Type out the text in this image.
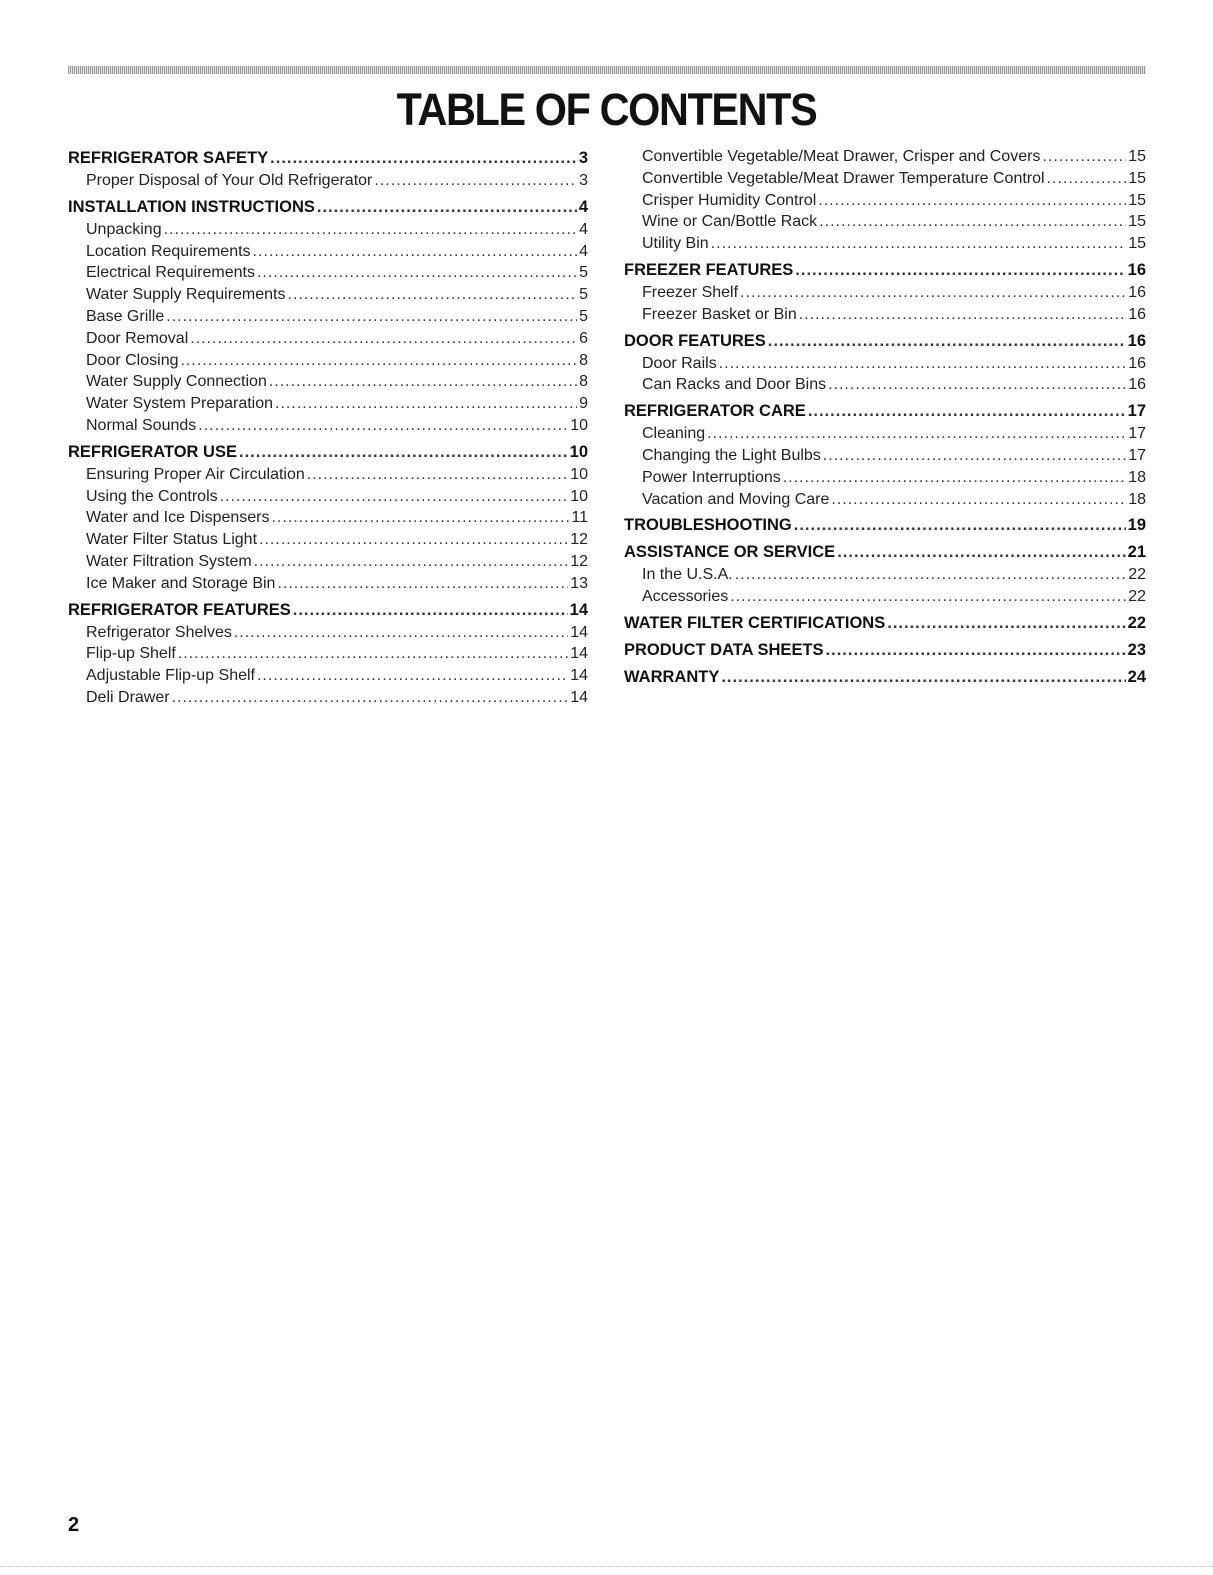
TABLE OF CONTENTS
REFRIGERATOR SAFETY .....	3
Proper Disposal of Your Old Refrigerator .....	3
INSTALLATION INSTRUCTIONS .....	4
Unpacking .....	4
Location Requirements .....	4
Electrical Requirements .....	5
Water Supply Requirements .....	5
Base Grille .....	5
Door Removal .....	6
Door Closing .....	8
Water Supply Connection .....	8
Water System Preparation .....	9
Normal Sounds .....	10
REFRIGERATOR USE .....	10
Ensuring Proper Air Circulation .....	10
Using the Controls .....	10
Water and Ice Dispensers .....	11
Water Filter Status Light .....	12
Water Filtration System .....	12
Ice Maker and Storage Bin .....	13
REFRIGERATOR FEATURES .....	14
Refrigerator Shelves .....	14
Flip-up Shelf .....	14
Adjustable Flip-up Shelf .....	14
Deli Drawer .....	14
Convertible Vegetable/Meat Drawer, Crisper and Covers .....	15
Convertible Vegetable/Meat Drawer Temperature Control .....	15
Crisper Humidity Control .....	15
Wine or Can/Bottle Rack .....	15
Utility Bin .....	15
FREEZER FEATURES .....	16
Freezer Shelf .....	16
Freezer Basket or Bin .....	16
DOOR FEATURES .....	16
Door Rails .....	16
Can Racks and Door Bins .....	16
REFRIGERATOR CARE .....	17
Cleaning .....	17
Changing the Light Bulbs .....	17
Power Interruptions .....	18
Vacation and Moving Care .....	18
TROUBLESHOOTING .....	19
ASSISTANCE OR SERVICE .....	21
In the U.S.A. .....	22
Accessories .....	22
WATER FILTER CERTIFICATIONS .....	22
PRODUCT DATA SHEETS .....	23
WARRANTY .....	24

2
